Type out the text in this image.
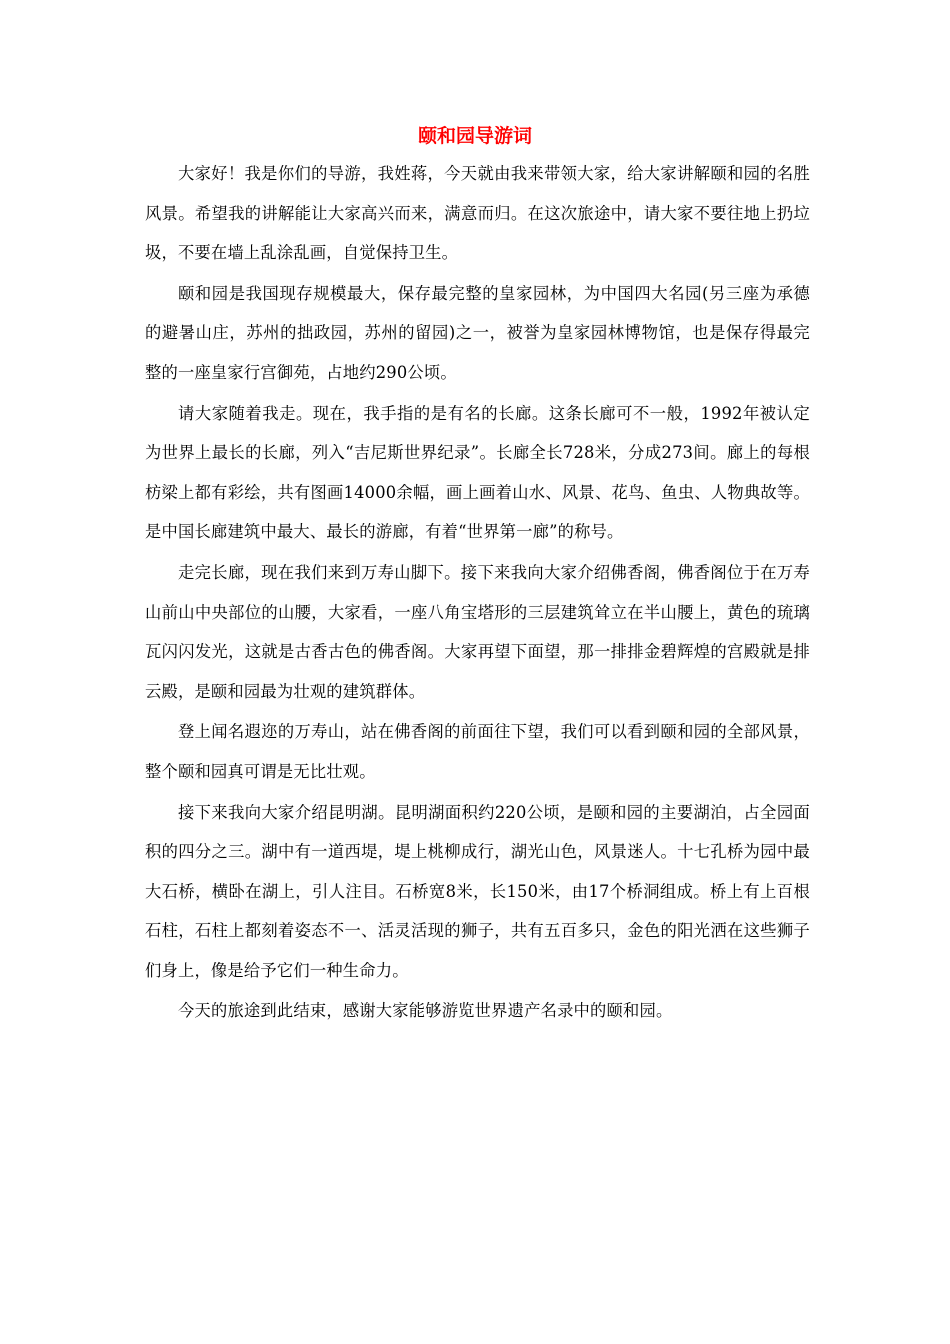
颐和园导游词

大家好！我是你们的导游，我姓蒋，今天就由我来带领大家，给大家讲解颐和园的名胜风景。希望我的讲解能让大家高兴而来，满意而归。在这次旅途中，请大家不要往地上扔垃圾，不要在墙上乱涂乱画，自觉保持卫生。

颐和园是我国现存规模最大，保存最完整的皇家园林，为中国四大名园(另三座为承德的避暑山庄，苏州的拙政园，苏州的留园)之一，被誉为皇家园林博物馆，也是保存得最完整的一座皇家行宫御苑，占地约290公顷。

请大家随着我走。现在，我手指的是有名的长廊。这条长廊可不一般，1992年被认定为世界上最长的长廊，列入“吉尼斯世界纪录”。长廊全长728米，分成273间。廊上的每根枋梁上都有彩绘，共有图画14000余幅，画上画着山水、风景、花鸟、鱼虫、人物典故等。是中国长廊建筑中最大、最长的游廊，有着“世界第一廊”的称号。

走完长廊，现在我们来到万寿山脚下。接下来我向大家介绍佛香阁，佛香阁位于在万寿山前山中央部位的山腰，大家看，一座八角宝塔形的三层建筑耸立在半山腰上，黄色的琉璃瓦闪闪发光，这就是古香古色的佛香阁。大家再望下面望，那一排排金碧辉煌的宫殿就是排云殿，是颐和园最为壮观的建筑群体。

登上闻名遐迩的万寿山，站在佛香阁的前面往下望，我们可以看到颐和园的全部风景，整个颐和园真可谓是无比壮观。

接下来我向大家介绍昆明湖。昆明湖面积约220公顷，是颐和园的主要湖泊，占全园面积的四分之三。湖中有一道西堤，堤上桃柳成行，湖光山色，风景迷人。十七孔桥为园中最大石桥，横卧在湖上，引人注目。石桥宽8米，长150米，由17个桥洞组成。桥上有上百根石柱，石柱上都刻着姿态不一、活灵活现的狮子，共有五百多只，金色的阳光洒在这些狮子们身上，像是给予它们一种生命力。

今天的旅途到此结束，感谢大家能够游览世界遗产名录中的颐和园。
